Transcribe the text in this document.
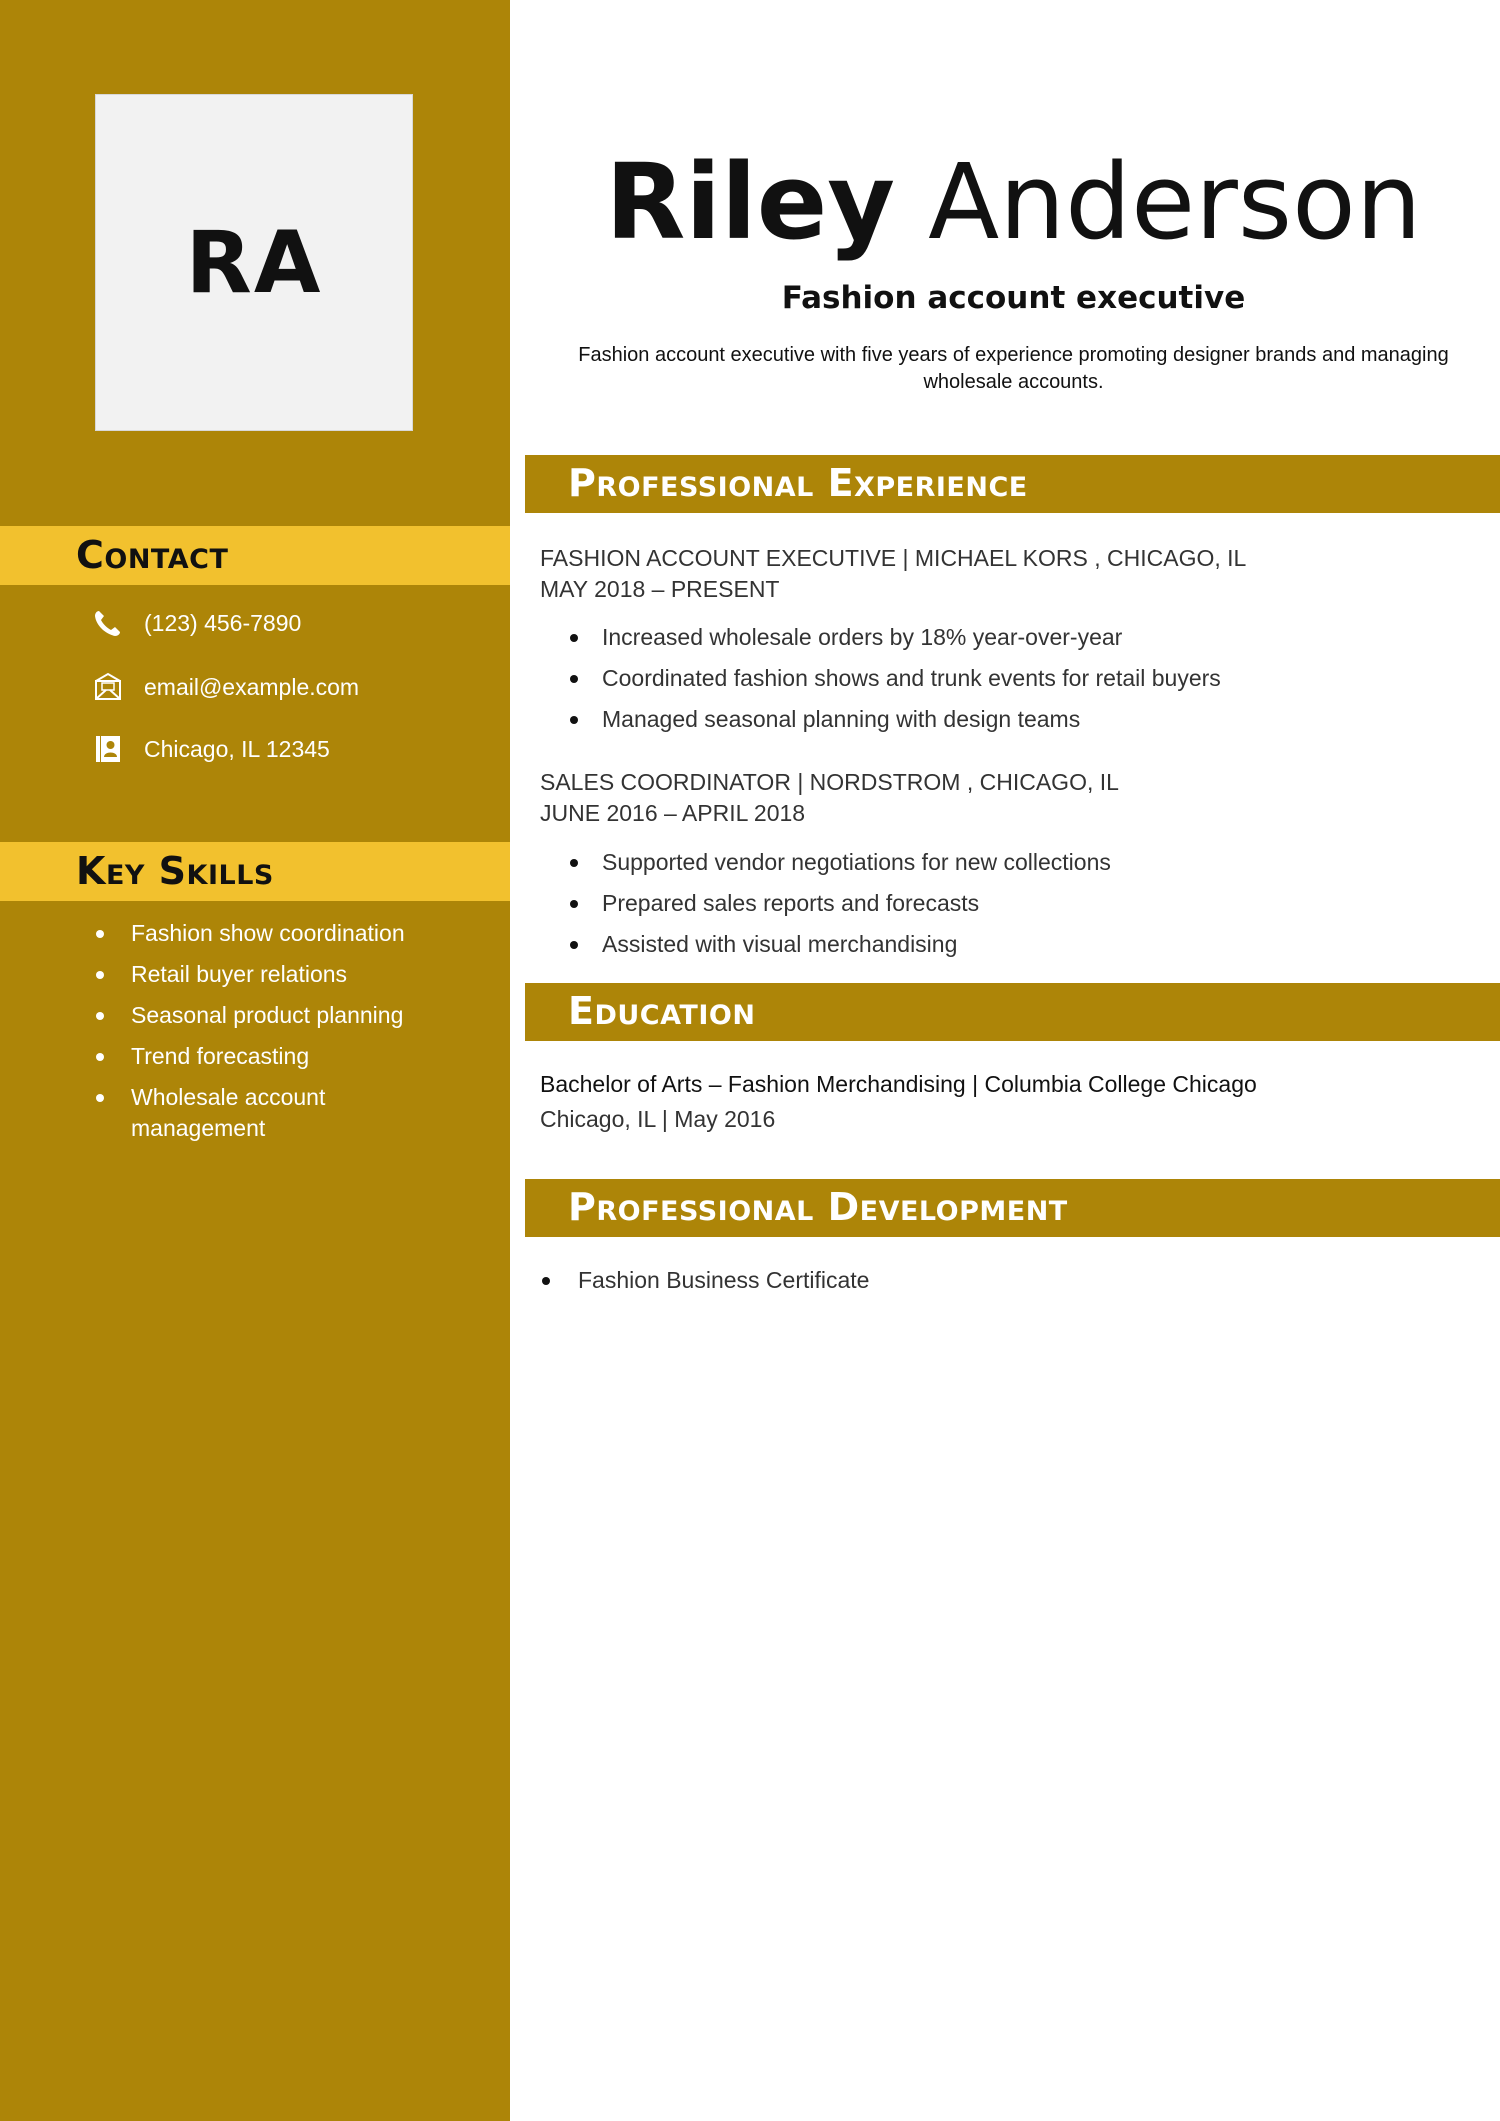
RA
Contact
(123) 456-7890
email@example.com
Chicago, IL 12345
Key Skills
Fashion show coordination
Retail buyer relations
Seasonal product planning
Trend forecasting
Wholesale account management
Riley Anderson
Fashion account executive
Fashion account executive with five years of experience promoting designer brands and managing wholesale accounts.
Professional Experience
FASHION ACCOUNT EXECUTIVE | MICHAEL KORS , CHICAGO, IL
MAY 2018 – PRESENT
Increased wholesale orders by 18% year-over-year
Coordinated fashion shows and trunk events for retail buyers
Managed seasonal planning with design teams
SALES COORDINATOR | NORDSTROM , CHICAGO, IL
JUNE 2016 – APRIL 2018
Supported vendor negotiations for new collections
Prepared sales reports and forecasts
Assisted with visual merchandising
Education
Bachelor of Arts – Fashion Merchandising | Columbia College Chicago
Chicago, IL | May 2016
Professional Development
Fashion Business Certificate
